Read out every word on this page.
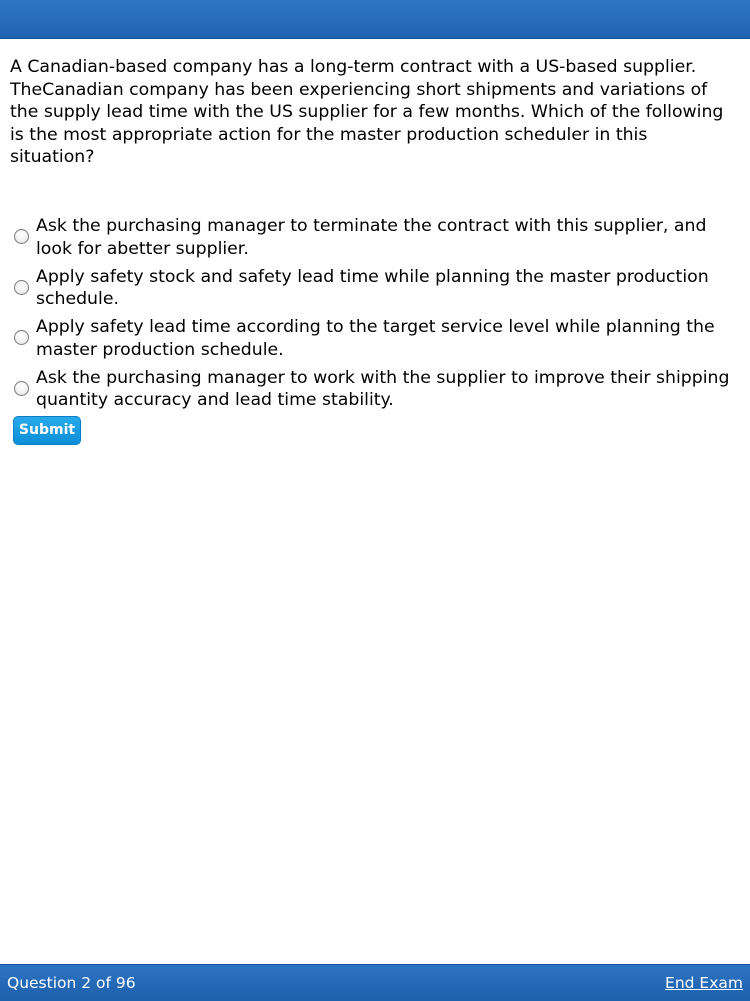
A Canadian-based company has a long-term contract with a US-based supplier. TheCanadian company has been experiencing short shipments and variations of the supply lead time with the US supplier for a few months. Which of the following is the most appropriate action for the master production scheduler in this situation?
Ask the purchasing manager to terminate the contract with this supplier, and look for abetter supplier.
Apply safety stock and safety lead time while planning the master production schedule.
Apply safety lead time according to the target service level while planning the master production schedule.
Ask the purchasing manager to work with the supplier to improve their shipping quantity accuracy and lead time stability.
Submit
Question 2 of 96	End Exam
